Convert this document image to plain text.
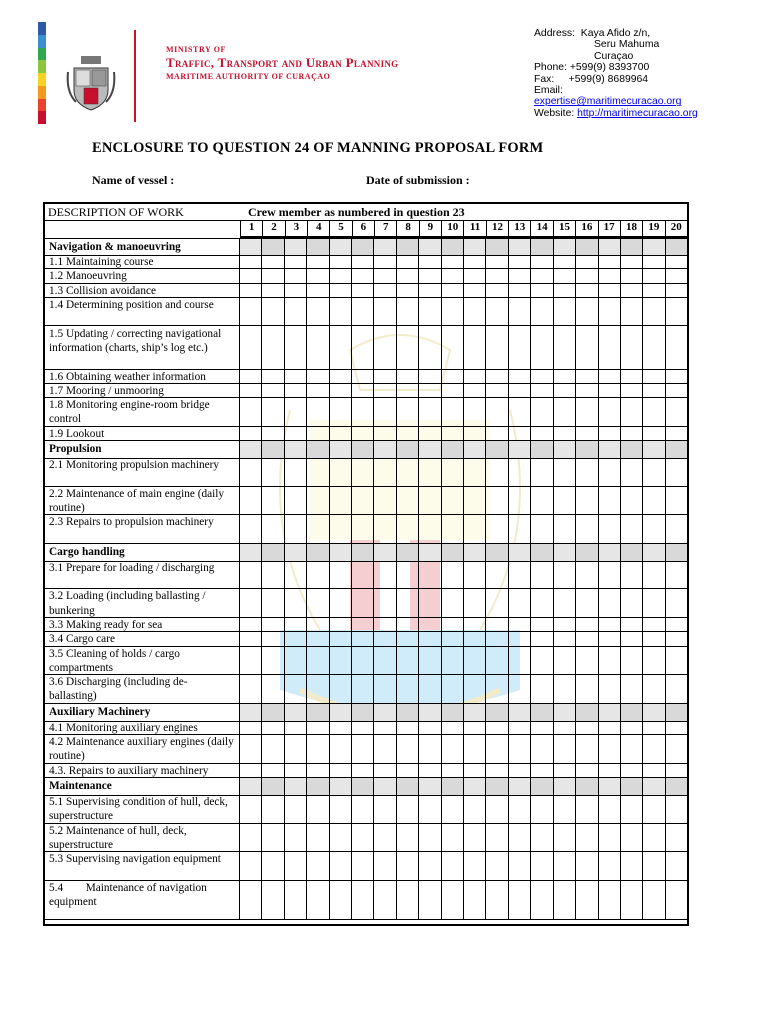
MINISTRY OF
Traffic, Transport and Urban Planning
MARITIME AUTHORITY OF CURAÇAO
Address: Kaya Afido z/n,
Seru Mahuma
Curaçao
Phone: +599(9) 8393700
Fax:     +599(9) 8689964
Email:
expertise@maritimecuracao.org
Website: http://maritimecuracao.org
ENCLOSURE TO QUESTION 24 OF MANNING PROPOSAL FORM
Name of vessel :	Date of submission :
DESCRIPTION OF WORK	Crew member as numbered in question 23
1	2	3	4	5	6	7	8	9	10	11	12	13	14	15	16	17	18	19	20
Navigation & manoeuvring
1.1 Maintaining course
1.2 Manoeuvring
1.3 Collision avoidance
1.4 Determining position and course
1.5 Updating / correcting navigational information (charts, ship’s log etc.)
1.6 Obtaining weather information
1.7 Mooring / unmooring
1.8 Monitoring engine-room bridge control
1.9 Lookout
Propulsion
2.1 Monitoring propulsion machinery
2.2 Maintenance of main engine (daily routine)
2.3 Repairs to propulsion machinery
Cargo handling
3.1 Prepare for loading / discharging
3.2 Loading (including ballasting / bunkering
3.3 Making ready for sea
3.4 Cargo care
3.5 Cleaning of holds / cargo compartments
3.6 Discharging (including de-ballasting)
Auxiliary Machinery
4.1 Monitoring auxiliary engines
4.2 Maintenance auxiliary engines (daily routine)
4.3. Repairs to auxiliary machinery
Maintenance
5.1 Supervising condition of hull, deck, superstructure
5.2 Maintenance of hull, deck, superstructure
5.3 Supervising navigation equipment
5.4        Maintenance of navigation equipment
